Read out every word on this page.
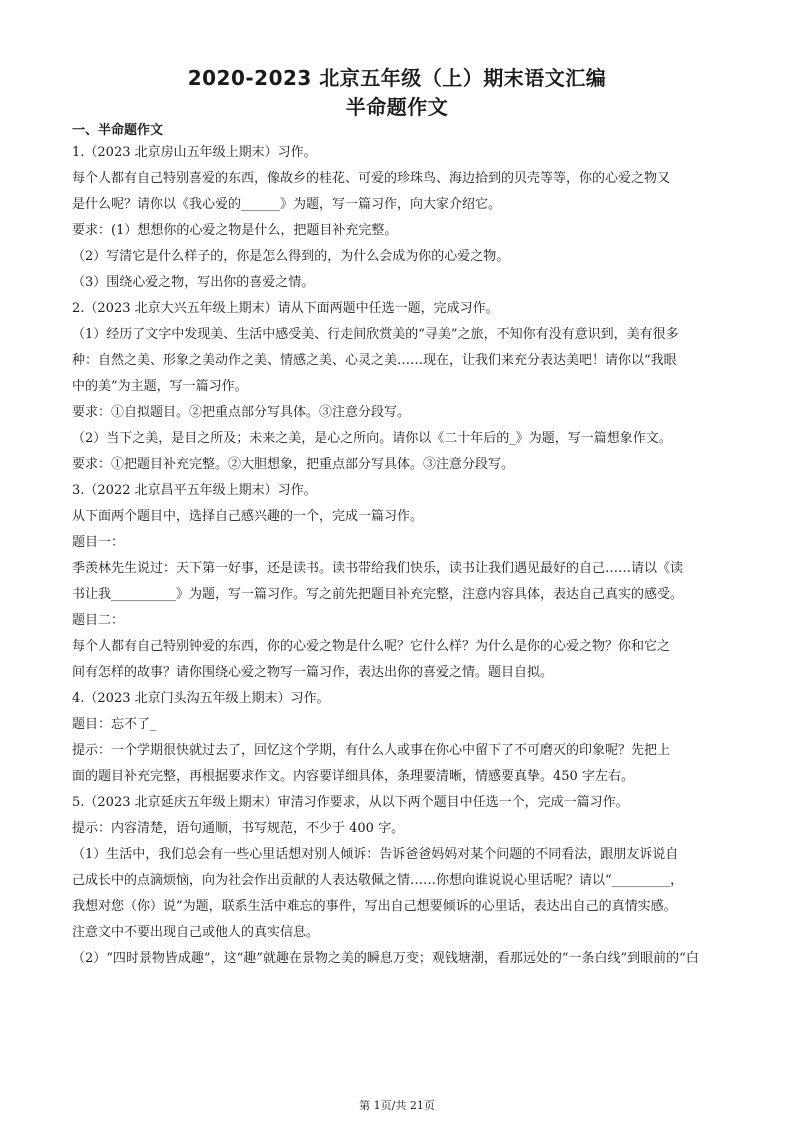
2020-2023 北京五年级（上）期末语文汇编
半命题作文
一、半命题作文
1.（2023 北京房山五年级上期末）习作。
每个人都有自己特别喜爱的东西，像故乡的桂花、可爱的珍珠鸟、海边拾到的贝壳等等，你的心爱之物又
是什么呢？请你以《我心爱的______》为题，写一篇习作，向大家介绍它。
要求：(1）想想你的心爱之物是什么，把题目补充完整。
（2）写清它是什么样子的，你是怎么得到的，为什么会成为你的心爱之物。
（3）围绕心爱之物，写出你的喜爱之情。
2.（2023 北京大兴五年级上期末）请从下面两题中任选一题，完成习作。
（1）经历了文字中发现美、生活中感受美、行走间欣赏美的“寻美”之旅，不知你有没有意识到，美有很多
种：自然之美、形象之美动作之美、情感之美、心灵之美……现在，让我们来充分表达美吧！请你以“我眼
中的美”为主题，写一篇习作。
要求：①自拟题目。②把重点部分写具体。③注意分段写。
（2）当下之美，是目之所及；未来之美，是心之所向。请你以《二十年后的_》为题，写一篇想象作文。
要求：①把题目补充完整。②大胆想象，把重点部分写具体。③注意分段写。
3.（2022 北京昌平五年级上期末）习作。
从下面两个题目中，选择自己感兴趣的一个，完成一篇习作。
题目一：
季羡林先生说过：天下第一好事，还是读书。读书带给我们快乐，读书让我们遇见最好的自己……请以《读
书让我__________》为题，写一篇习作。写之前先把题目补充完整，注意内容具体，表达自己真实的感受。
题目二：
每个人都有自己特别钟爱的东西，你的心爱之物是什么呢？它什么样？为什么是你的心爱之物？你和它之
间有怎样的故事？请你围绕心爱之物写一篇习作，表达出你的喜爱之情。题目自拟。
4.（2023 北京门头沟五年级上期末）习作。
题目：忘不了_
提示：一个学期很快就过去了，回忆这个学期，有什么人或事在你心中留下了不可磨灭的印象呢？先把上
面的题目补充完整，再根据要求作文。内容要详细具体，条理要清晰，情感要真挚。450 字左右。
5.（2023 北京延庆五年级上期末）审清习作要求，从以下两个题目中任选一个，完成一篇习作。
提示：内容清楚，语句通顺，书写规范，不少于 400 字。
（1）生活中，我们总会有一些心里话想对别人倾诉：告诉爸爸妈妈对某个问题的不同看法，跟朋友诉说自
己成长中的点滴烦恼，向为社会作出贡献的人表达敬佩之情……你想向谁说说心里话呢？请以“_________，
我想对您（你）说”为题，联系生活中难忘的事件，写出自己想要倾诉的心里话，表达出自己的真情实感。
注意文中不要出现自己或他人的真实信息。
（2）“四时景物皆成趣”，这“趣”就趣在景物之美的瞬息万变；观钱塘潮，看那远处的“一条白线”到眼前的“白
第 1页/共 21页
